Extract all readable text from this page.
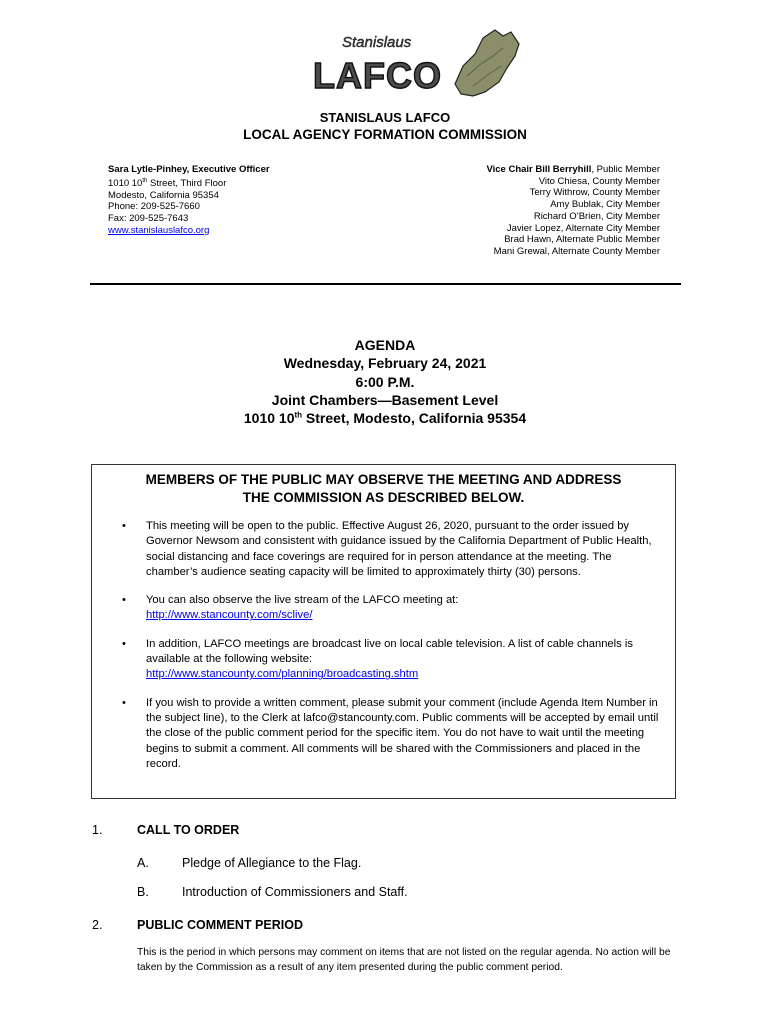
Stanislaus
LAFCO
STANISLAUS LAFCO
LOCAL AGENCY FORMATION COMMISSION
Sara Lytle-Pinhey, Executive Officer
1010 10th Street, Third Floor
Modesto, California 95354
Phone: 209-525-7660
Fax: 209-525-7643
www.stanislauslafco.org
Vice Chair Bill Berryhill, Public Member
Vito Chiesa, County Member
Terry Withrow, County Member
Amy Bublak, City Member
Richard O’Brien, City Member
Javier Lopez, Alternate City Member
Brad Hawn, Alternate Public Member
Mani Grewal, Alternate County Member
AGENDA
Wednesday, February 24, 2021
6:00 P.M.
Joint Chambers—Basement Level
1010 10th Street, Modesto, California 95354
MEMBERS OF THE PUBLIC MAY OBSERVE THE MEETING AND ADDRESS
THE COMMISSION AS DESCRIBED BELOW.
• This meeting will be open to the public. Effective August 26, 2020, pursuant to the order issued by Governor Newsom and consistent with guidance issued by the California Department of Public Health, social distancing and face coverings are required for in person attendance at the meeting. The chamber’s audience seating capacity will be limited to approximately thirty (30) persons.
• You can also observe the live stream of the LAFCO meeting at:
http://www.stancounty.com/sclive/
• In addition, LAFCO meetings are broadcast live on local cable television. A list of cable channels is available at the following website:
http://www.stancounty.com/planning/broadcasting.shtm
• If you wish to provide a written comment, please submit your comment (include Agenda Item Number in the subject line), to the Clerk at lafco@stancounty.com. Public comments will be accepted by email until the close of the public comment period for the specific item. You do not have to wait until the meeting begins to submit a comment. All comments will be shared with the Commissioners and placed in the record.
1.	CALL TO ORDER
A.	Pledge of Allegiance to the Flag.
B.	Introduction of Commissioners and Staff.
2.	PUBLIC COMMENT PERIOD
This is the period in which persons may comment on items that are not listed on the regular agenda. No action will be taken by the Commission as a result of any item presented during the public comment period.
